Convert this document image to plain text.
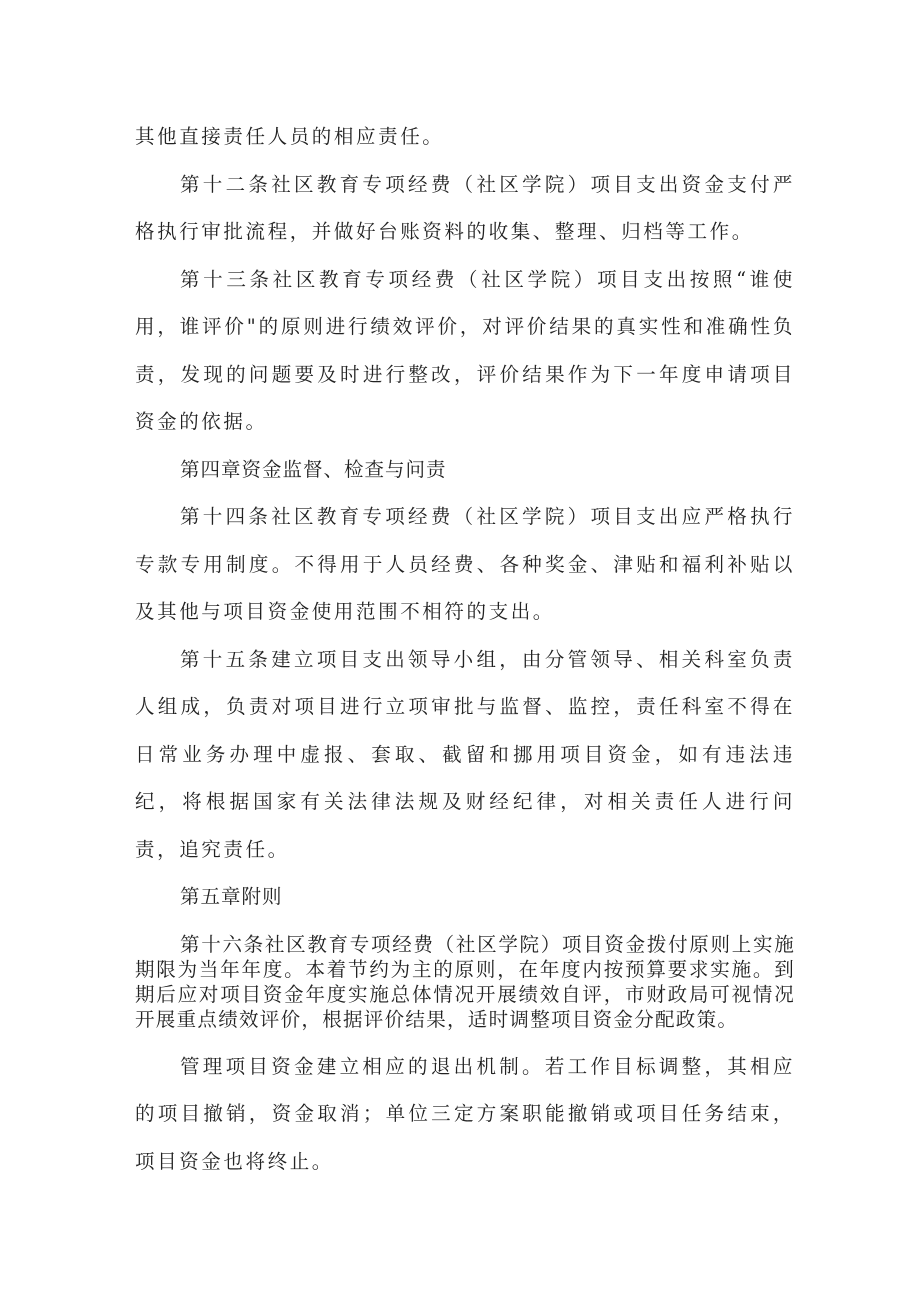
其他直接责任人员的相应责任。

第十二条社区教育专项经费（社区学院）项目支出资金支付严格执行审批流程，并做好台账资料的收集、整理、归档等工作。

第十三条社区教育专项经费（社区学院）项目支出按照“谁使用，谁评价"的原则进行绩效评价，对评价结果的真实性和准确性负责，发现的问题要及时进行整改，评价结果作为下一年度申请项目资金的依据。

第四章资金监督、检查与问责

第十四条社区教育专项经费（社区学院）项目支出应严格执行专款专用制度。不得用于人员经费、各种奖金、津贴和福利补贴以及其他与项目资金使用范围不相符的支出。

第十五条建立项目支出领导小组，由分管领导、相关科室负责人组成，负责对项目进行立项审批与监督、监控，责任科室不得在日常业务办理中虚报、套取、截留和挪用项目资金，如有违法违纪，将根据国家有关法律法规及财经纪律，对相关责任人进行问责，追究责任。

第五章附则

第十六条社区教育专项经费（社区学院）项目资金拨付原则上实施期限为当年年度。本着节约为主的原则，在年度内按预算要求实施。到期后应对项目资金年度实施总体情况开展绩效自评，市财政局可视情况开展重点绩效评价，根据评价结果，适时调整项目资金分配政策。

管理项目资金建立相应的退出机制。若工作目标调整，其相应的项目撤销，资金取消；单位三定方案职能撤销或项目任务结束，项目资金也将终止。
